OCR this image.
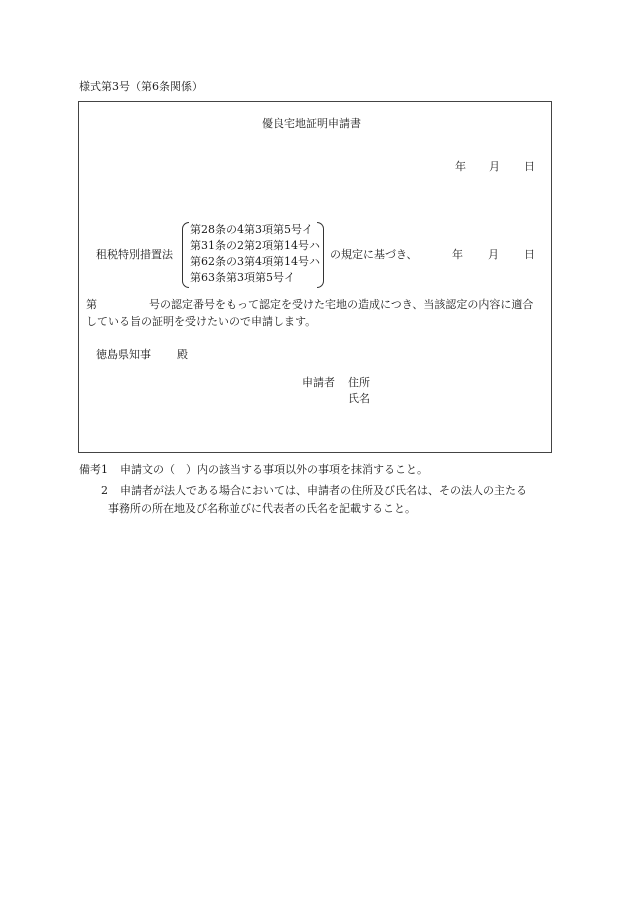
様式第3号（第6条関係）
優良宅地証明申請書
年 月 日
租税特別措置法
第28条の4第3項第5号イ
第31条の2第2項第14号ハ
第62条の3第4項第14号ハ
第63条第3項第5号イ
の規定に基づき、	年 月 日
第	号の認定番号をもって認定を受けた宅地の造成につき、当該認定の内容に適合
している旨の証明を受けたいので申請します。
徳島県知事 殿
申請者 住所
氏名
備考1 申請文の（　）内の該当する事項以外の事項を抹消すること。
2 申請者が法人である場合においては、申請者の住所及び氏名は、その法人の主たる
事務所の所在地及び名称並びに代表者の氏名を記載すること。
